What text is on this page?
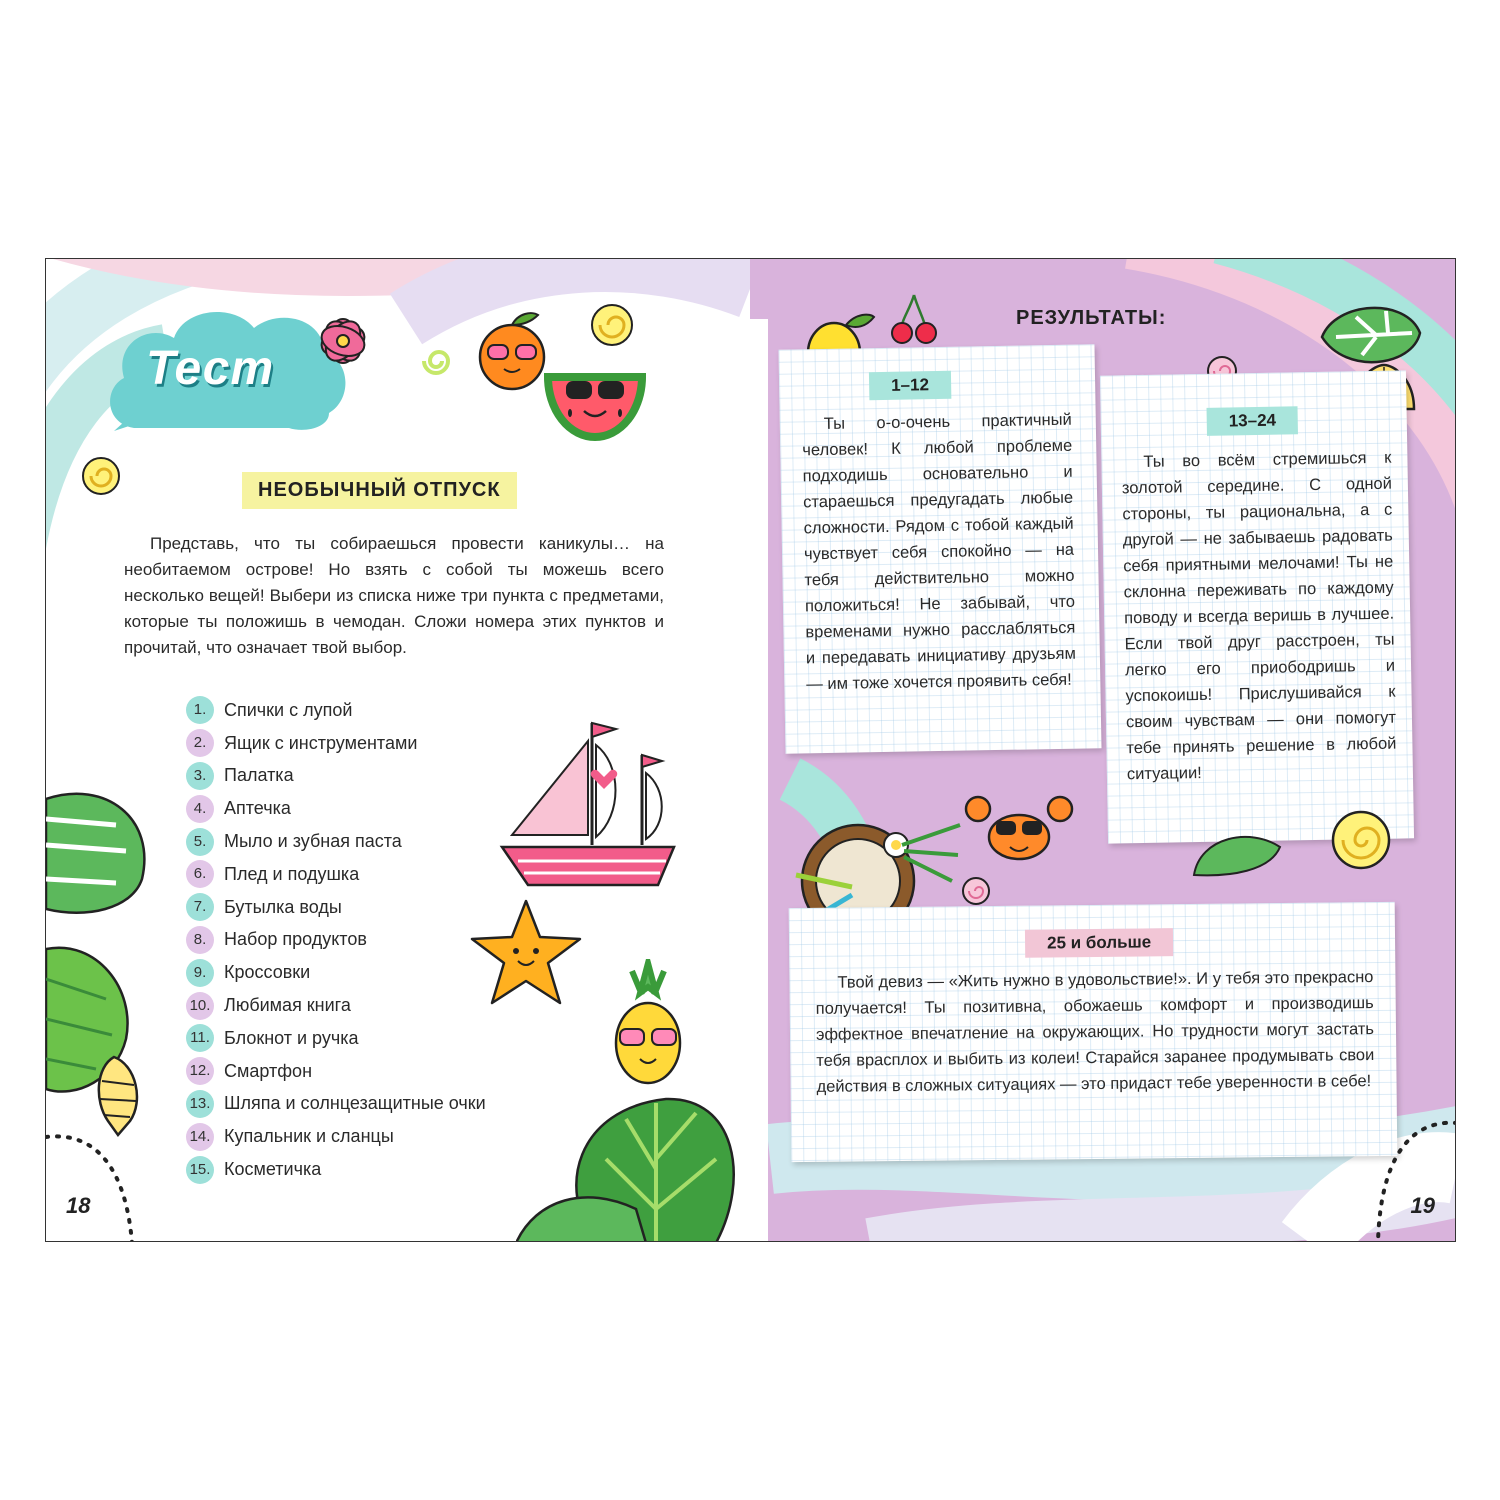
Тест
НЕОБЫЧНЫЙ ОТПУСК

Представь, что ты собираешься провести каникулы… на необитаемом острове! Но взять с собой ты можешь всего несколько вещей! Выбери из списка ниже три пункта с предметами, которые ты положишь в чемодан. Сложи номера этих пунктов и прочитай, что означает твой выбор.

1. Спички с лупой
2. Ящик с инструментами
3. Палатка
4. Аптечка
5. Мыло и зубная паста
6. Плед и подушка
7. Бутылка воды
8. Набор продуктов
9. Кроссовки
10. Любимая книга
11. Блокнот и ручка
12. Смартфон
13. Шляпа и солнцезащитные очки
14. Купальник и сланцы
15. Косметичка
18
РЕЗУЛЬТАТЫ:
1–12

Ты о-о-очень практичный человек! К любой проблеме подходишь основательно и стараешься предугадать любые сложности. Рядом с тобой каждый чувствует себя спокойно — на тебя действительно можно положиться! Не забывай, что временами нужно расслабляться и передавать инициативу друзьям — им тоже хочется проявить себя!

13–24

Ты во всём стремишься к золотой середине. С одной стороны, ты рациональна, а с другой — не забываешь радовать себя приятными мелочами! Ты не склонна переживать по каждому поводу и всегда веришь в лучшее. Если твой друг расстроен, ты легко его приободришь и успокоишь! Прислушивайся к своим чувствам — они помогут тебе принять решение в любой ситуации!

25 и больше

Твой девиз — «Жить нужно в удовольствие!». И у тебя это прекрасно получается! Ты позитивна, обожаешь комфорт и производишь эффектное впечатление на окружающих. Но трудности могут застать тебя врасплох и выбить из колеи! Старайся заранее продумывать свои действия в сложных ситуациях — это придаст тебе уверенности в себе!

19
